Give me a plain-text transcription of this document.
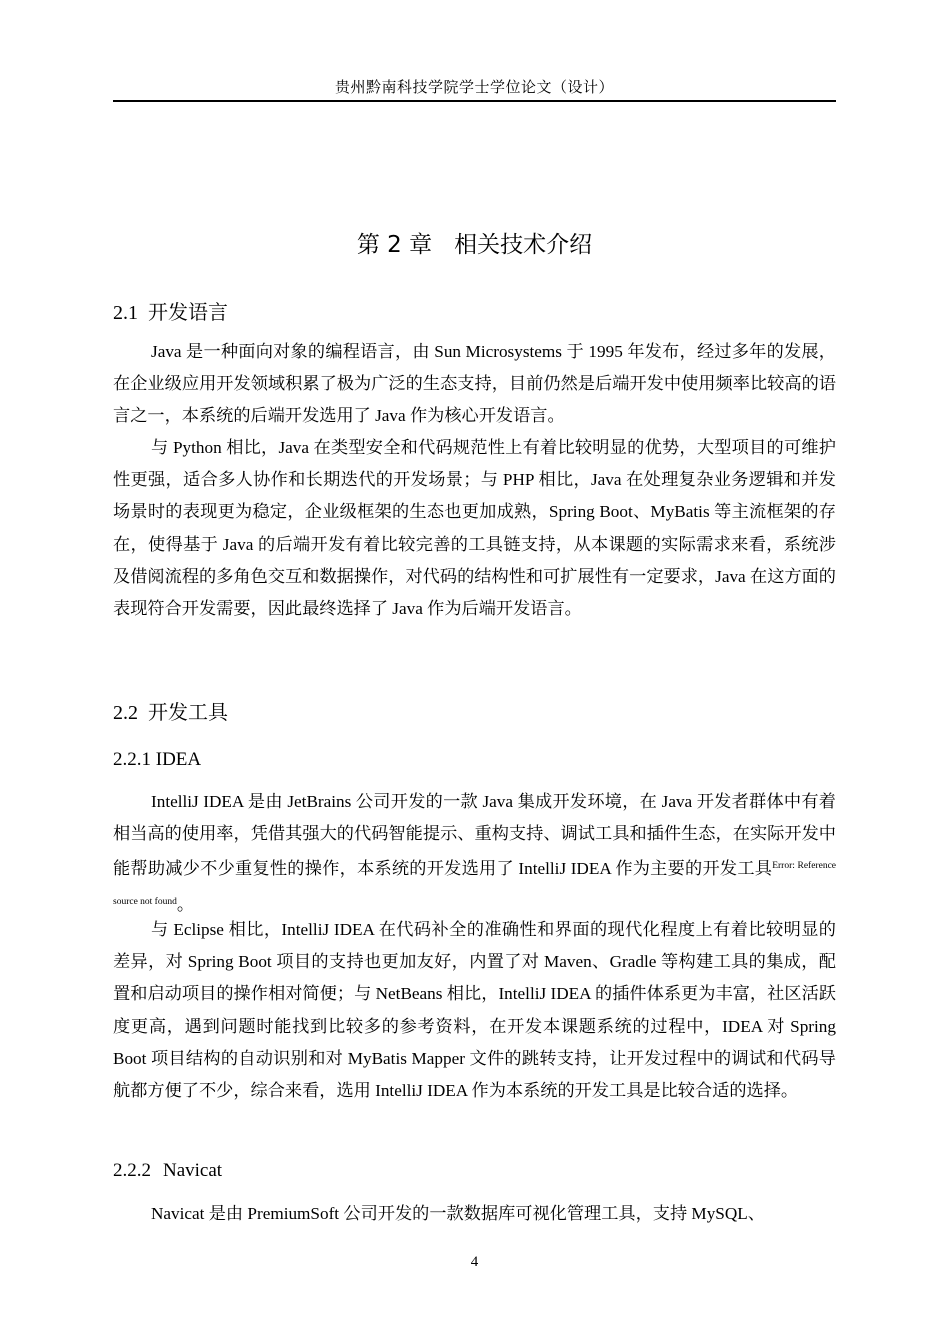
贵州黔南科技学院学士学位论文（设计）
第 2 章 相关技术介绍
2.1 开发语言

Java 是一种面向对象的编程语言，由 Sun Microsystems 于 1995 年发布，经过多年的发展，在企业级应用开发领域积累了极为广泛的生态支持，目前仍然是后端开发中使用频率比较高的语言之一，本系统的后端开发选用了 Java 作为核心开发语言。

与 Python 相比，Java 在类型安全和代码规范性上有着比较明显的优势，大型项目的可维护性更强，适合多人协作和长期迭代的开发场景；与 PHP 相比，Java 在处理复杂业务逻辑和并发场景时的表现更为稳定，企业级框架的生态也更加成熟，Spring Boot、MyBatis 等主流框架的存在，使得基于 Java 的后端开发有着比较完善的工具链支持，从本课题的实际需求来看，系统涉及借阅流程的多角色交互和数据操作，对代码的结构性和可扩展性有一定要求，Java 在这方面的表现符合开发需要，因此最终选择了 Java 作为后端开发语言。

2.2 开发工具
2.2.1 IDEA

IntelliJ IDEA 是由 JetBrains 公司开发的一款 Java 集成开发环境，在 Java 开发者群体中有着相当高的使用率，凭借其强大的代码智能提示、重构支持、调试工具和插件生态，在实际开发中能帮助减少不少重复性的操作，本系统的开发选用了 IntelliJ IDEA 作为主要的开发工具$^{Error: Reference source not found}$。

与 Eclipse 相比，IntelliJ IDEA 在代码补全的准确性和界面的现代化程度上有着比较明显的差异，对 Spring Boot 项目的支持也更加友好，内置了对 Maven、Gradle 等构建工具的集成，配置和启动项目的操作相对简便；与 NetBeans 相比，IntelliJ IDEA 的插件体系更为丰富，社区活跃度更高，遇到问题时能找到比较多的参考资料，在开发本课题系统的过程中，IDEA 对 Spring Boot 项目结构的自动识别和对 MyBatis Mapper 文件的跳转支持，让开发过程中的调试和代码导航都方便了不少，综合来看，选用 IntelliJ IDEA 作为本系统的开发工具是比较合适的选择。

2.2.2 Navicat

Navicat 是由 PremiumSoft 公司开发的一款数据库可视化管理工具，支持 MySQL、

4
